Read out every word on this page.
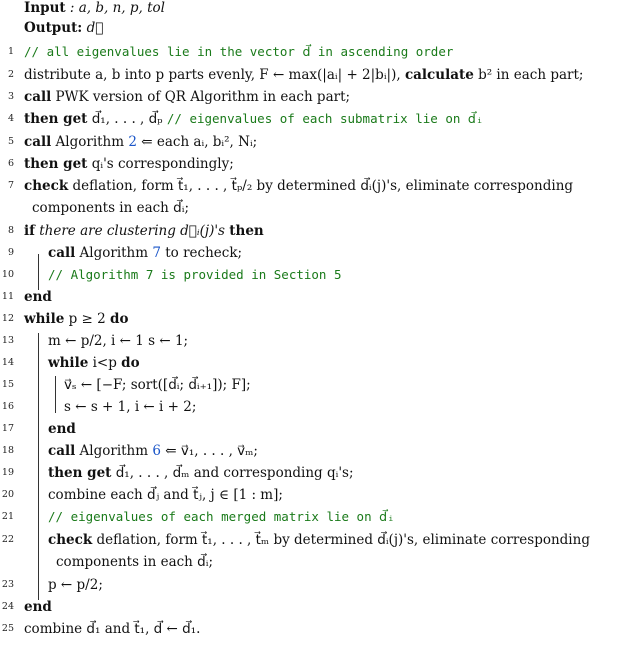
Input : a, b, n, p, tol
Output: d⃗
1 // all eigenvalues lie in the vector d⃗ in ascending order
2 distribute a, b into p parts evenly, F ← max(|aᵢ| + 2|bᵢ|), calculate b² in each part;
3 call PWK version of QR Algorithm in each part;
4 then get d⃗₁, . . . , d⃗ₚ // eigenvalues of each submatrix lie on d⃗ᵢ
5 call Algorithm 2 ⇐ each aᵢ, bᵢ², Nᵢ;
6 then get qᵢ's correspondingly;
7 check deflation, form t⃗₁, . . . , t⃗ₚ/₂ by determined d⃗ᵢ(j)'s, eliminate corresponding
components in each d⃗ᵢ;
8 if there are clustering d⃗ᵢ(j)'s then
9	call Algorithm 7 to recheck;
10	// Algorithm 7 is provided in Section 5
11 end
12 while p ≥ 2 do
13	m ← p/2, i ← 1 s ← 1;
14	while i<p do
15	v⃗ₛ ← [−F; sort([d⃗ᵢ; d⃗ᵢ₊₁]); F];
16	s ← s + 1, i ← i + 2;
17	end
18	call Algorithm 6 ⇐ v⃗₁, . . . , v⃗ₘ;
19	then get d⃗₁, . . . , d⃗ₘ and corresponding qᵢ's;
20	combine each d⃗ⱼ and t⃗ⱼ, j ∈ [1 : m];
21	// eigenvalues of each merged matrix lie on d⃗ᵢ
22	check deflation, form t⃗₁, . . . , t⃗ₘ by determined d⃗ᵢ(j)'s, eliminate corresponding
components in each d⃗ᵢ;
23	p ← p/2;
24 end
25 combine d⃗₁ and t⃗₁, d⃗ ← d⃗₁.
